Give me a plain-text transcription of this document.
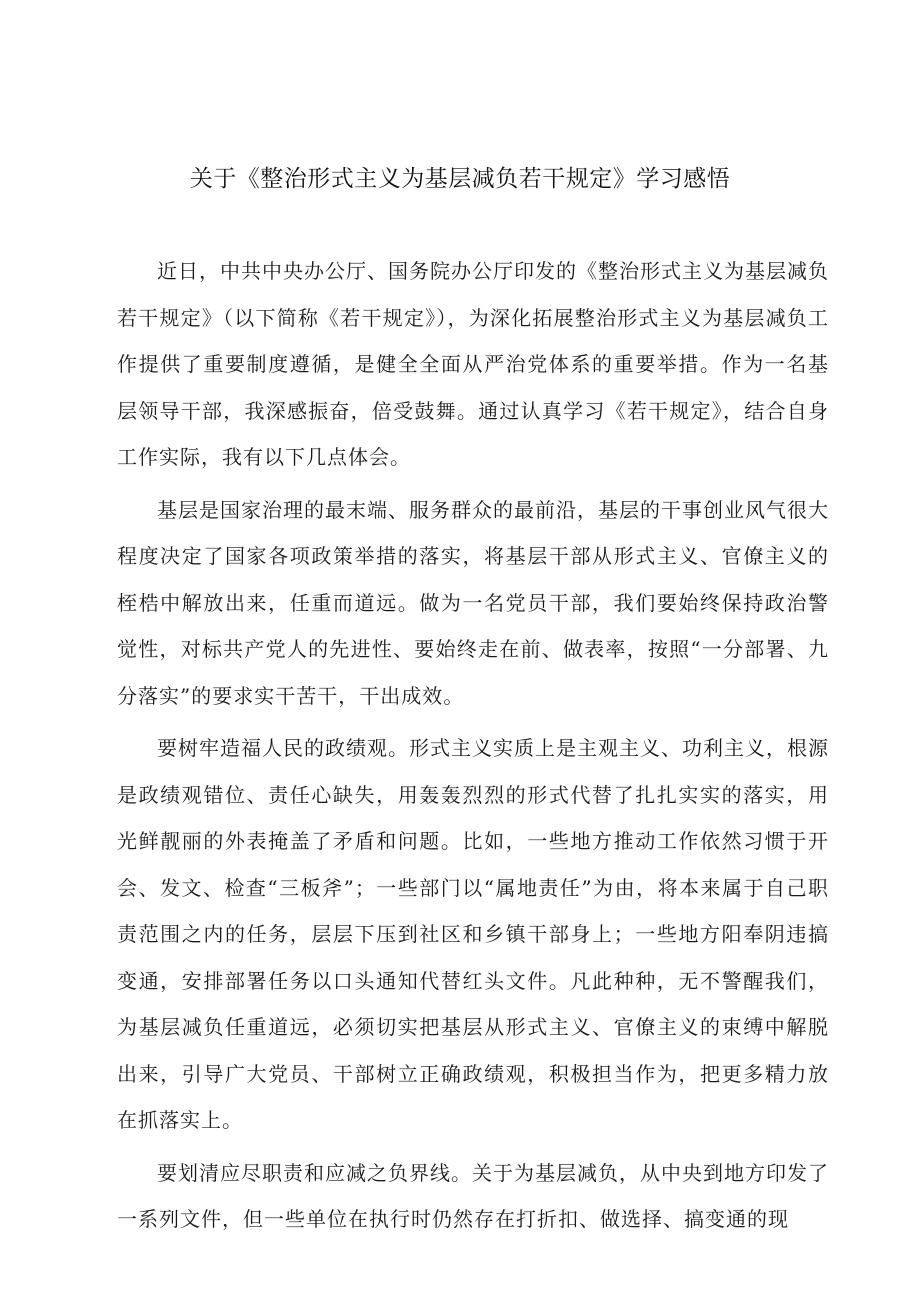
关于《整治形式主义为基层减负若干规定》学习感悟

近日，中共中央办公厅、国务院办公厅印发的《整治形式主义为基层减负若干规定》（以下简称《若干规定》），为深化拓展整治形式主义为基层减负工作提供了重要制度遵循，是健全全面从严治党体系的重要举措。作为一名基层领导干部，我深感振奋，倍受鼓舞。通过认真学习《若干规定》，结合自身工作实际，我有以下几点体会。

基层是国家治理的最末端、服务群众的最前沿，基层的干事创业风气很大程度决定了国家各项政策举措的落实，将基层干部从形式主义、官僚主义的桎梏中解放出来，任重而道远。做为一名党员干部，我们要始终保持政治警觉性，对标共产党人的先进性、要始终走在前、做表率，按照“一分部署、九分落实”的要求实干苦干，干出成效。

要树牢造福人民的政绩观。形式主义实质上是主观主义、功利主义，根源是政绩观错位、责任心缺失，用轰轰烈烈的形式代替了扎扎实实的落实，用光鲜靓丽的外表掩盖了矛盾和问题。比如，一些地方推动工作依然习惯于开会、发文、检查“三板斧”；一些部门以“属地责任”为由，将本来属于自己职责范围之内的任务，层层下压到社区和乡镇干部身上；一些地方阳奉阴违搞变通，安排部署任务以口头通知代替红头文件。凡此种种，无不警醒我们，为基层减负任重道远，必须切实把基层从形式主义、官僚主义的束缚中解脱出来，引导广大党员、干部树立正确政绩观，积极担当作为，把更多精力放在抓落实上。

要划清应尽职责和应减之负界线。关于为基层减负，从中央到地方印发了一系列文件，但一些单位在执行时仍然存在打折扣、做选择、搞变通的现
